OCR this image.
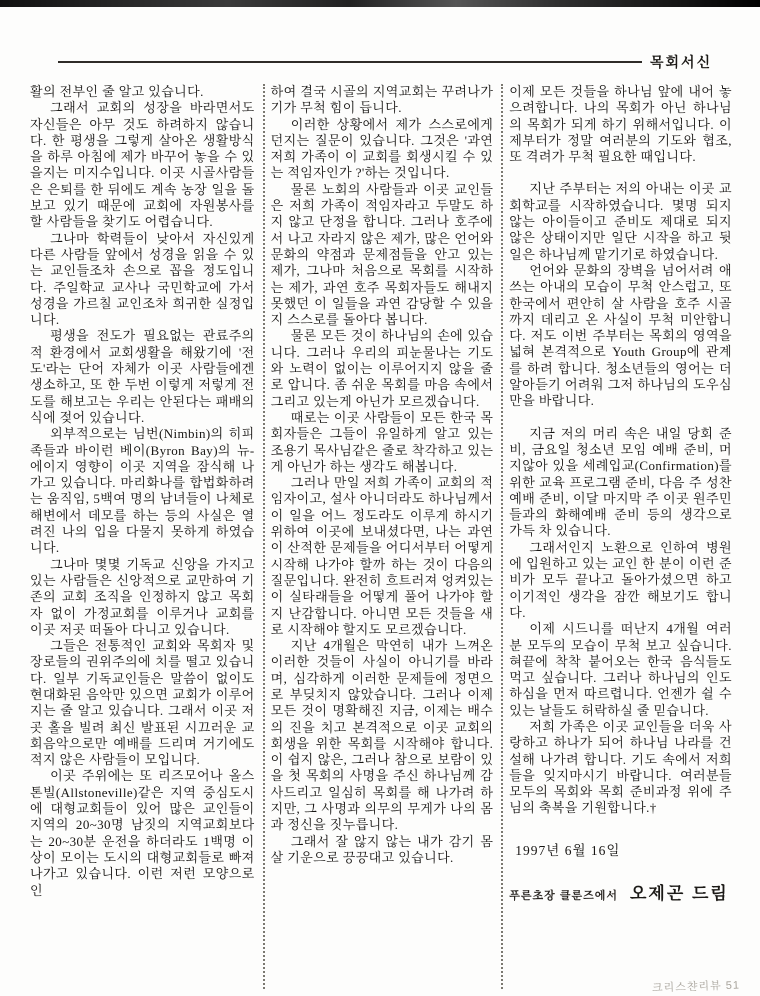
목회서신

활의 전부인 줄 알고 있습니다.

그래서 교회의 성장을 바라면서도 자신들은 아무 것도 하려하지 않습니다. 한 평생을 그렇게 살아온 생활방식을 하루 아침에 제가 바꾸어 놓을 수 있을지는 미지수입니다. 이곳 시골사람들은 은퇴를 한 뒤에도 계속 농장 일을 돌보고 있기 때문에 교회에 자원봉사를 할 사람들을 찾기도 어렵습니다.

그나마 학력들이 낮아서 자신있게 다른 사람들 앞에서 성경을 읽을 수 있는 교인들조차 손으로 꼽을 정도입니다. 주일학교 교사나 국민학교에 가서 성경을 가르칠 교인조차 희귀한 실정입니다.

평생을 전도가 필요없는 관료주의적 환경에서 교회생활을 해왔기에 '전도'라는 단어 자체가 이곳 사람들에겐 생소하고, 또 한 두번 이렇게 저렇게 전도를 해보고는 우리는 안된다는 패배의식에 젖어 있습니다.

외부적으로는 님번(Nimbin)의 히피족들과 바이런 베이(Byron Bay)의 뉴-에이지 영향이 이곳 지역을 잠식해 나가고 있습니다. 마리화나를 합법화하려는 움직임, 5백여 명의 남녀들이 나체로 해변에서 데모를 하는 등의 사실은 열려진 나의 입을 다물지 못하게 하였습니다.

그나마 몇몇 기독교 신앙을 가지고 있는 사람들은 신앙적으로 교만하여 기존의 교회 조직을 인정하지 않고 목회자 없이 가정교회를 이루거나 교회를 이곳 저곳 떠돌아 다니고 있습니다.

그들은 전통적인 교회와 목회자 및 장로들의 권위주의에 치를 떨고 있습니다. 일부 기독교인들은 말씀이 없이도 현대화된 음악만 있으면 교회가 이루어지는 줄 알고 있습니다. 그래서 이곳 저곳 홀을 빌려 최신 발표된 시끄러운 교회음악으로만 예배를 드리며 거기에도 적지 않은 사람들이 모입니다.

이곳 주위에는 또 리즈모어나 올스톤빌(Allstoneville)같은 지역 중심도시에 대형교회들이 있어 많은 교인들이 지역의 20~30명 남짓의 지역교회보다는 20~30분 운전을 하더라도 1백명 이상이 모이는 도시의 대형교회들로 빠져 나가고 있습니다. 이런 저런 모양으로 인

하여 결국 시골의 지역교회는 꾸려나가기가 무척 힘이 듭니다.

이러한 상황에서 제가 스스로에게 던지는 질문이 있습니다. 그것은 '과연 저희 가족이 이 교회를 회생시킬 수 있는 적임자인가 ?'하는 것입니다.

물론 노회의 사람들과 이곳 교인들은 저희 가족이 적임자라고 두말도 하지 않고 단정을 합니다. 그러나 호주에서 나고 자라지 않은 제가, 많은 언어와 문화의 약점과 문제점들을 안고 있는 제가, 그나마 처음으로 목회를 시작하는 제가, 과연 호주 목회자들도 해내지 못했던 이 일들을 과연 감당할 수 있을지 스스로를 돌아다 봅니다.

물론 모든 것이 하나님의 손에 있습니다. 그러나 우리의 피눈물나는 기도와 노력이 없이는 이루어지지 않을 줄로 압니다. 좀 쉬운 목회를 마음 속에서 그리고 있는게 아닌가 모르겠습니다.

때로는 이곳 사람들이 모든 한국 목회자들은 그들이 유일하게 알고 있는 조용기 목사님같은 줄로 착각하고 있는 게 아닌가 하는 생각도 해봅니다.

그러나 만일 저희 가족이 교회의 적임자이고, 설사 아니더라도 하나님께서 이 일을 어느 정도라도 이루게 하시기 위하여 이곳에 보내셨다면, 나는 과연 이 산적한 문제들을 어디서부터 어떻게 시작해 나가야 할까 하는 것이 다음의 질문입니다. 완전히 흐트러져 엉켜있는 이 실타래들을 어떻게 풀어 나가야 할지 난감합니다. 아니면 모든 것들을 새로 시작해야 할지도 모르겠습니다.

지난 4개월은 막연히 내가 느껴온 이러한 것들이 사실이 아니기를 바라며, 심각하게 이러한 문제들에 정면으로 부딪치지 않았습니다. 그러나 이제 모든 것이 명확해진 지금, 이제는 배수의 진을 치고 본격적으로 이곳 교회의 회생을 위한 목회를 시작해야 합니다. 이 쉽지 않은, 그러나 참으로 보람이 있을 첫 목회의 사명을 주신 하나님께 감사드리고 일심히 목회를 해 나가려 하지만, 그 사명과 의무의 무게가 나의 몸과 정신을 짓누릅니다.

그래서 잘 않지 않는 내가 감기 몸살 기운으로 끙끙대고 있습니다.

이제 모든 것들을 하나님 앞에 내어 놓으려합니다. 나의 목회가 아닌 하나님의 목회가 되게 하기 위해서입니다. 이제부터가 정말 여러분의 기도와 협조, 또 격려가 무척 필요한 때입니다.

지난 주부터는 저의 아내는 이곳 교회학교를 시작하였습니다. 몇명 되지 않는 아이들이고 준비도 제대로 되지 않은 상태이지만 일단 시작을 하고 뒷 일은 하나님께 맡기기로 하였습니다.

언어와 문화의 장벽을 넘어서려 애쓰는 아내의 모습이 무척 안스럽고, 또 한국에서 편안히 살 사람을 호주 시골까지 데리고 온 사실이 무척 미안합니다. 저도 이번 주부터는 목회의 영역을 넓혀 본격적으로 Youth Group에 관계를 하려 합니다. 청소년들의 영어는 더 알아듣기 어려워 그저 하나님의 도우심만을 바랍니다.

지금 저의 머리 속은 내일 당회 준비, 금요일 청소년 모임 예배 준비, 머지않아 있을 세례입교(Confirmation)를 위한 교육 프로그램 준비, 다음 주 성찬예배 준비, 이달 마지막 주 이곳 원주민들과의 화해예배 준비 등의 생각으로 가득 차 있습니다.

그래서인지 노환으로 인하여 병원에 입원하고 있는 교인 한 분이 이런 준비가 모두 끝나고 돌아가셨으면 하고 이기적인 생각을 잠깐 해보기도 합니다.

이제 시드니를 떠난지 4개월 여러분 모두의 모습이 무척 보고 싶습니다. 혀끝에 착착 붙어오는 한국 음식들도 먹고 싶습니다. 그러나 하나님의 인도하심을 먼저 따르렵니다. 언젠가 쉴 수 있는 날들도 허락하실 줄 믿습니다.

저희 가족은 이곳 교인들을 더욱 사랑하고 하나가 되어 하나님 나라를 건설해 나가려 합니다. 기도 속에서 저희들을 잊지마시기 바랍니다. 여러분들 모두의 목회와 목회 준비과정 위에 주님의 축복을 기원합니다.†

1997년 6월 16일
푸른초장 클룬즈에서 오제곤 드림
크리스챤리뷰 51
